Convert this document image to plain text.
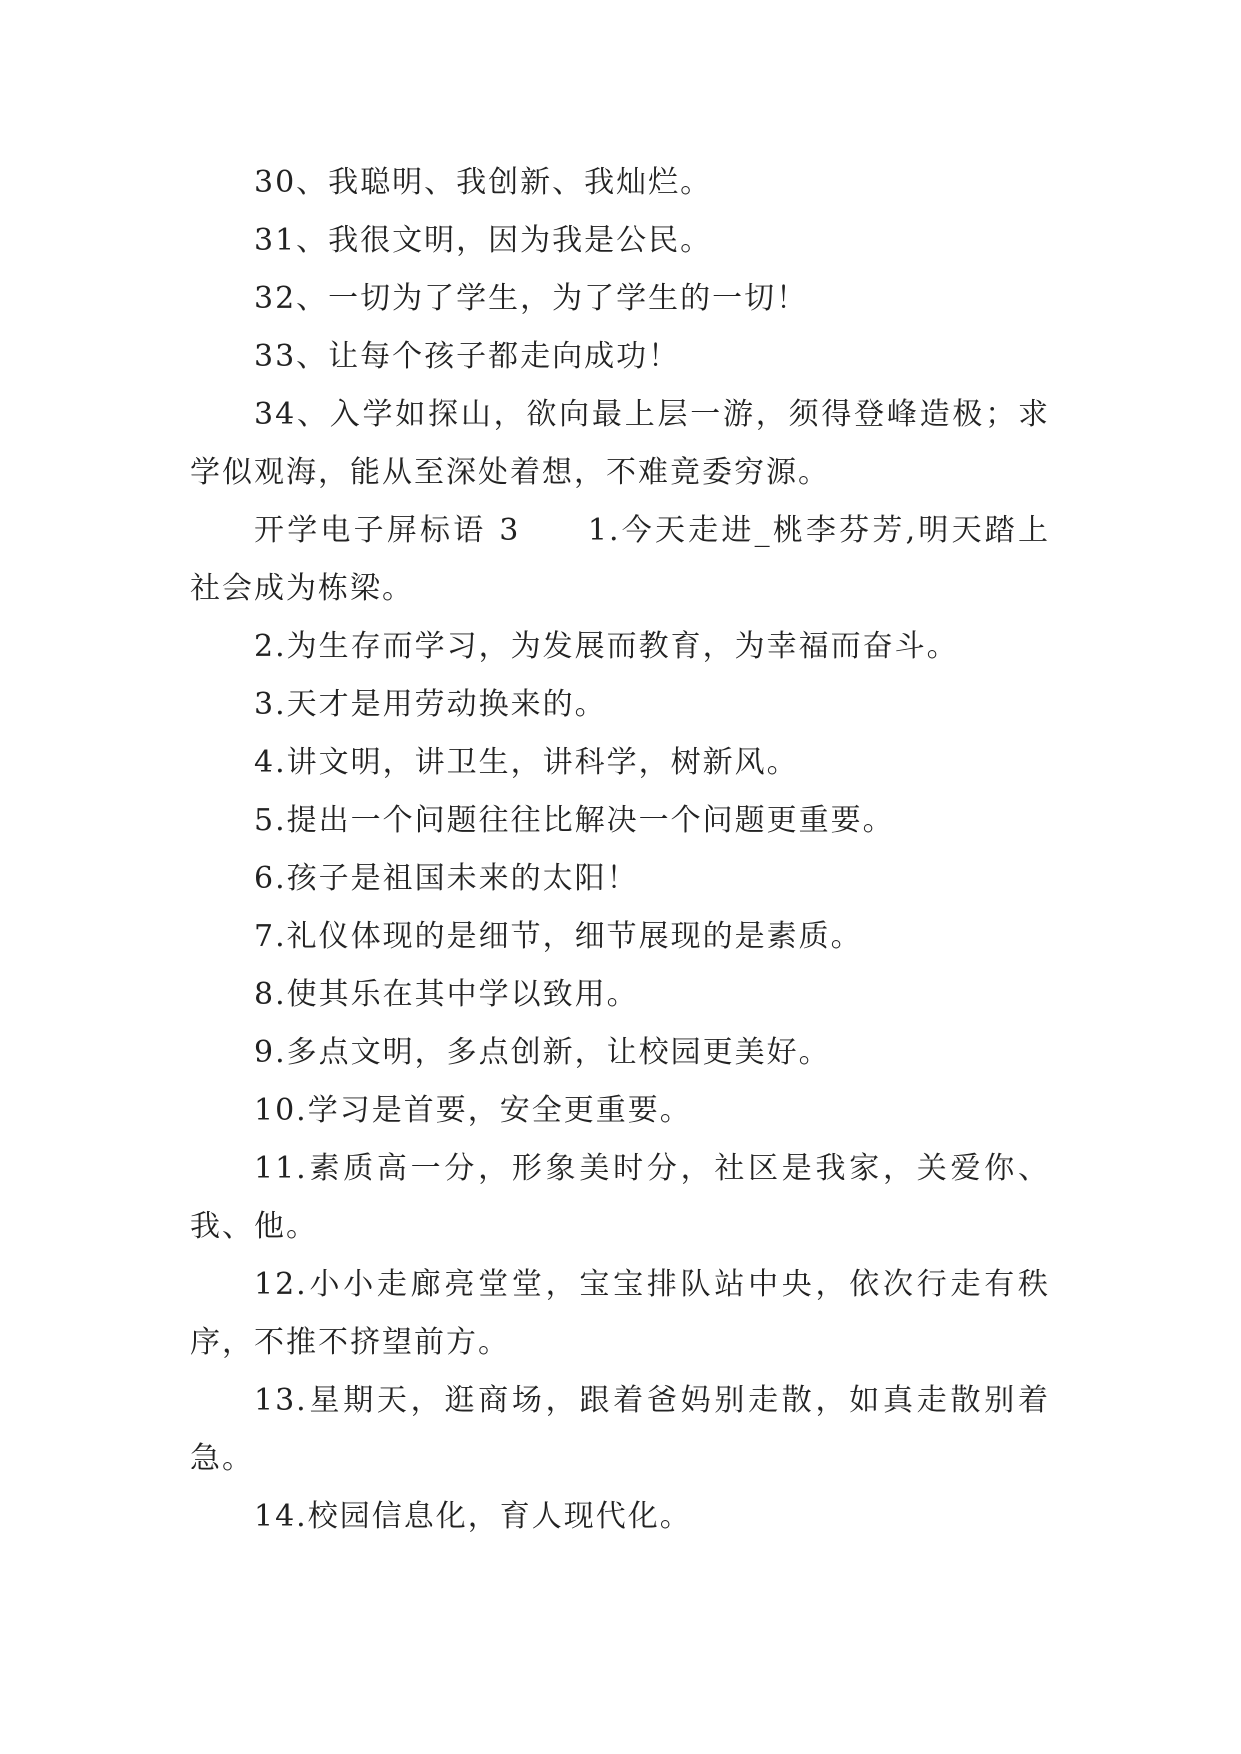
30、我聪明、我创新、我灿烂。

31、我很文明，因为我是公民。

32、一切为了学生，为了学生的一切！

33、让每个孩子都走向成功！

34、入学如探山，欲向最上层一游，须得登峰造极；求学似观海，能从至深处着想，不难竟委穷源。

开学电子屏标语 3　　1.今天走进_桃李芬芳,明天踏上社会成为栋梁。

2.为生存而学习，为发展而教育，为幸福而奋斗。

3.天才是用劳动换来的。

4.讲文明，讲卫生，讲科学，树新风。

5.提出一个问题往往比解决一个问题更重要。

6.孩子是祖国未来的太阳！

7.礼仪体现的是细节，细节展现的是素质。

8.使其乐在其中学以致用。

9.多点文明，多点创新，让校园更美好。

10.学习是首要，安全更重要。

11.素质高一分，形象美时分，社区是我家，关爱你、我、他。

12.小小走廊亮堂堂，宝宝排队站中央，依次行走有秩序，不推不挤望前方。

13.星期天，逛商场，跟着爸妈别走散，如真走散别着急。

14.校园信息化，育人现代化。
